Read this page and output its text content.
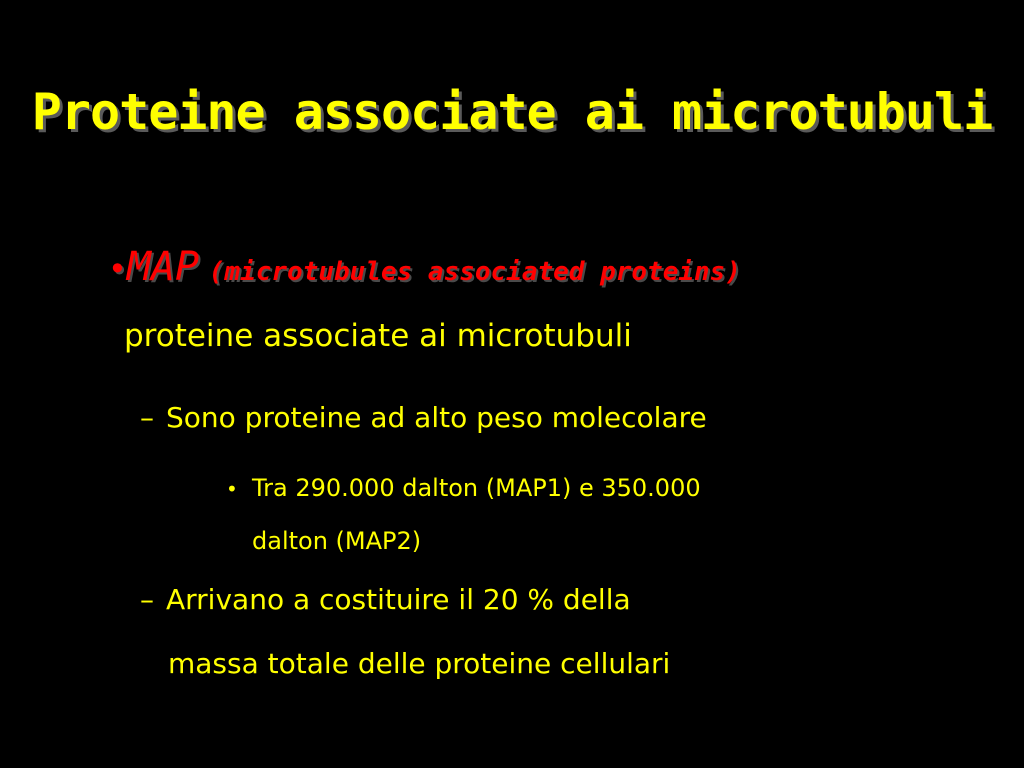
Proteine associate ai microtubuli
•MAP (microtubules associated proteins)
proteine associate ai microtubuli
– Sono proteine ad alto peso molecolare
• Tra 290.000 dalton (MAP1) e 350.000
dalton (MAP2)
– Arrivano a costituire il 20 % della
massa totale delle proteine cellulari
